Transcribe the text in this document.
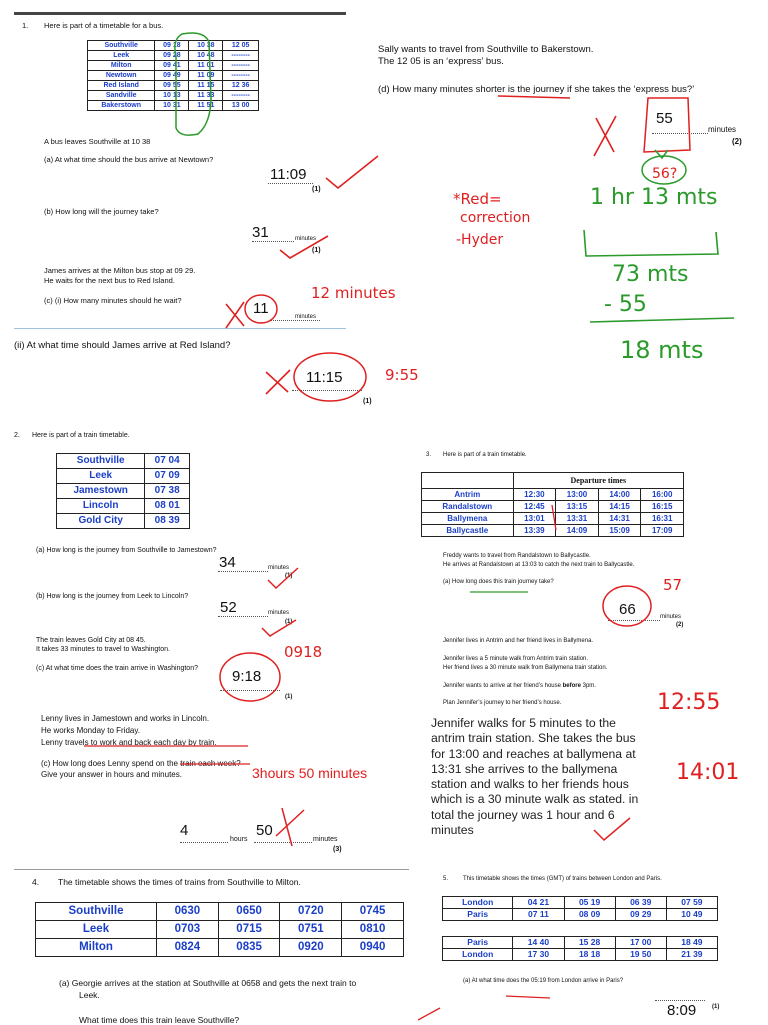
1. Here is part of a timetable for a bus.
Southville	09 18	10 38	12 05
Leek	09 28	10 48	--------
Milton	09 41	11 01	--------
Newtown	09 49	11 09	--------
Red Island	09 55	11 15	12 36
Sandville	10 13	11 33	--------
Bakerstown	10 31	11 51	13 00
A bus leaves Southville at 10 38
(a) At what time should the bus arrive at Newtown?
11:09
(1)
(b) How long will the journey take?
31	minutes
(1)
James arrives at the Milton bus stop at 09 29.
He waits for the next bus to Red Island.
(c) (i) How many minutes should he wait?	11	minutes
12 minutes
(ii) At what time should James arrive at Red Island?
11:15	9:55
(1)
Sally wants to travel from Southville to Bakerstown.
The 12 05 is an ‘express’ bus.
(d) How many minutes shorter is the journey if she takes the ‘express bus?’
55
minutes
(2)
56?
*Red=
correction
-Hyder
1 hr 13 mts
73 mts
- 55
18 mts
2. Here is part of a train timetable.
Southville	07 04
Leek	07 09
Jamestown	07 38
Lincoln	08 01
Gold City	08 39
(a) How long is the journey from Southville to Jamestown?
34	minutes
(1)
(b) How long is the journey from Leek to Lincoln?
52	minutes
(1)
The train leaves Gold City at 08 45.
It takes 33 minutes to travel to Washington.
(c) At what time does the train arrive in Washington?
0918
9:18
(1)
Lenny lives in Jamestown and works in Lincoln.
He works Monday to Friday.
Lenny travels to work and back each day by train.
(c) How long does Lenny spend on the train each week?
Give your answer in hours and minutes.	3hours 50 minutes
4
hours
50
minutes
(3)
3. Here is part of a train timetable.
	Departure times			
Antrim	12:30	13:00	14:00	16:00
Randalstown	12:45	13:15	14:15	16:15
Ballymena	13:01	13:31	14:31	16:31
Ballycastle	13:39	14:09	15:09	17:09
Freddy wants to travel from Randalstown to Ballycastle.
He arrives at Randalstown at 13:03 to catch the next train to Ballycastle.
(a) How long does this train journey take?	57
66	minutes
(2)
Jennifer lives in Antrim and her friend lives in Ballymena.
Jennifer lives a 5 minute walk from Antrim train station.
Her friend lives a 30 minute walk from Ballymena train station.
Jennifer wants to arrive at her friend’s house before 3pm.
Plan Jennifer’s journey to her friend’s house.
Jennifer walks for 5 minutes to the antrim train station. She takes the bus for 13:00 and reaches at ballymena at 13:31 she arrives to the ballymena station and walks to her friends hous which is a 30 minute walk as stated. in total the journey was 1 hour and 6 minutes
12:55
14:01
4. The timetable shows the times of trains from Southville to Milton.
Southville	0630	0650	0720	0745
Leek	0703	0715	0751	0810
Milton	0824	0835	0920	0940
(a) Georgie arrives at the station at Southville at 0658 and gets the next train to
Leek.
What time does this train leave Southville?
5. This timetable shows the times (GMT) of trains between London and Paris.
London	04 21	05 19	06 39	07 59
Paris	07 11	08 09	09 29	10 49
Paris	14 40	15 28	17 00	18 49
London	17 30	18 18	19 50	21 39
(a) At what time does the 05:19 from London arrive in Paris?
8:09	(1)
